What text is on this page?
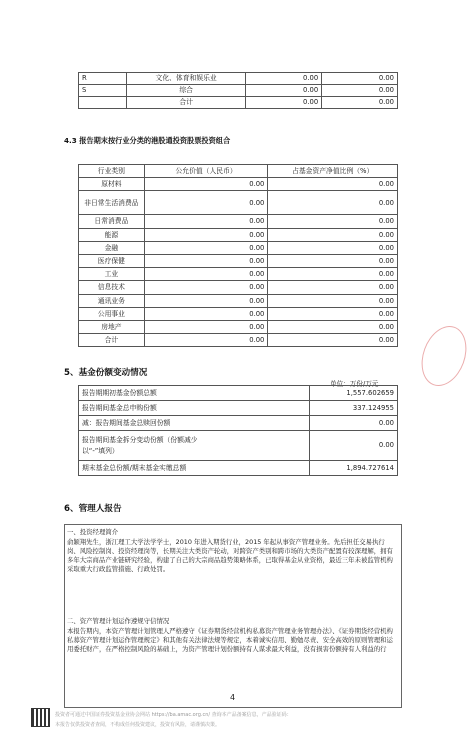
R	文化、体育和娱乐业	0.00	0.00
S	综合	0.00	0.00
	合计	0.00	0.00
4.3 报告期末按行业分类的港股通投资股票投资组合
行业类别	公允价值（人民币）	占基金资产净值比例（%）
原材料	0.00	0.00
非日常生活消费品	0.00	0.00
日常消费品	0.00	0.00
能源	0.00	0.00
金融	0.00	0.00
医疗保健	0.00	0.00
工业	0.00	0.00
信息技术	0.00	0.00
通讯业务	0.00	0.00
公用事业	0.00	0.00
房地产	0.00	0.00
合计	0.00	0.00
5、基金份额变动情况
单位：万份/万元
报告期期初基金份额总额	1,557.602659
报告期间基金总申购份额	337.124955
减：报告期间基金总赎回份额	0.00
报告期间基金拆分变动份额（份额减少以“-”填列）	0.00
期末基金总份额/期末基金实缴总额	1,894.727614
6、管理人报告
一、投资经理简介
俞颖翔先生，浙江理工大学法学学士，2010 年进入期货行业，2015 年起从事资产管理业务。先后担任交易执行岗、风险控制岗、投资经理岗等，长期关注大类资产轮动，对跨资产类别和跨市场的大类资产配置有较深理解，拥有多年大宗商品产业链研究经验，构建了自己的大宗商品趋势策略体系，已取得基金从业资格，最近三年未被监管机构采取重大行政监管措施、行政处罚。
二、资产管理计划运作遵规守信情况
本报告期内，本资产管理计划管理人严格遵守《证券期货经营机构私募资产管理业务管理办法》、《证券期货经营机构私募资产管理计划运作管理规定》和其他有关法律法规等规定，本着诚实信用、勤勉尽责、安全高效的原则管理和运用委托财产，在严格控制风险的基础上，为资产管理计划份额持有人谋求最大利益，没有损害份额持有人利益的行
4
投资者可通过中国证券投资基金业协会网站 https://ba.amac.org.cn/ 查询本产品备案信息，产品验证码：
本报告仅供投资者查阅，不构成任何投资建议，投资有风险，请谨慎决策。
